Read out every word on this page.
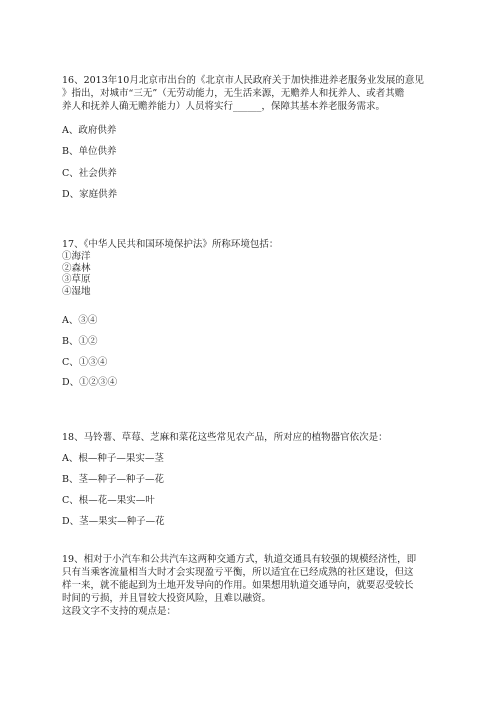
16、2013年10月北京市出台的《北京市人民政府关于加快推进养老服务业发展的意见
》指出，对城市“三无”（无劳动能力，无生活来源，无赡养人和抚养人、或者其赡
养人和抚养人确无赡养能力）人员将实行______，保障其基本养老服务需求。

A、政府供养
B、单位供养
C、社会供养
D、家庭供养

17、《中华人民共和国环境保护法》所称环境包括：

①海洋
②森林
③草原
④湿地
A、③④
B、①②
C、①③④
D、①②③④

18、马铃薯、草莓、芝麻和菜花这些常见农产品，所对应的植物器官依次是：

A、根—种子—果实—茎
B、茎—种子—种子—花
C、根—花—果实—叶
D、茎—果实—种子—花

19、相对于小汽车和公共汽车这两种交通方式，轨道交通具有较强的规模经济性，即
只有当乘客流量相当大时才会实现盈亏平衡，所以适宜在已经成熟的社区建设，但这
样一来，就不能起到为土地开发导向的作用。如果想用轨道交通导向，就要忍受较长
时间的亏损，并且冒较大投资风险，且难以融资。
这段文字不支持的观点是：
